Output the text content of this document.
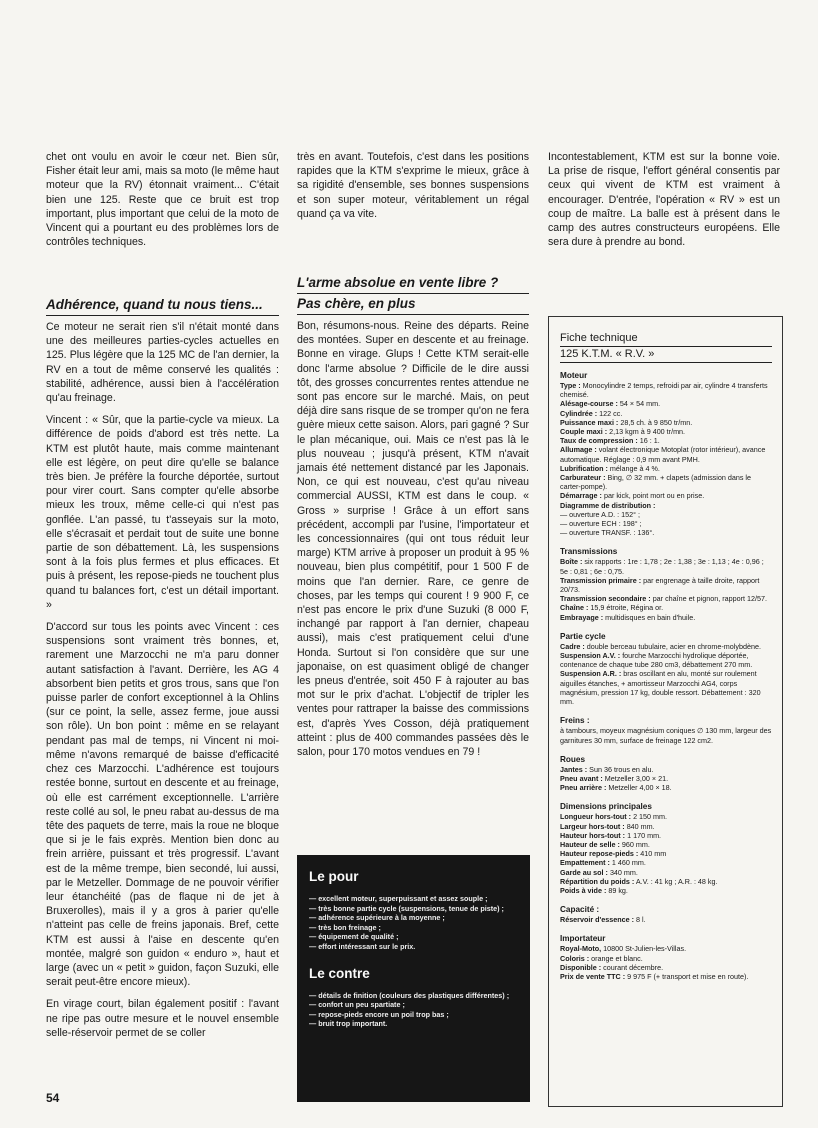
chet ont voulu en avoir le cœur net. Bien sûr, Fisher était leur ami, mais sa moto (le même haut moteur que la RV) étonnait vraiment... C'était bien une 125. Reste que ce bruit est trop important, plus important que celui de la moto de Vincent qui a pourtant eu des problèmes lors de contrôles techniques.

Adhérence, quand tu nous tiens...

Ce moteur ne serait rien s'il n'était monté dans une des meilleures parties-cycles actuelles en 125. Plus légère que la 125 MC de l'an dernier, la RV en a tout de même conservé les qualités : stabilité, adhérence, aussi bien à l'accélération qu'au freinage.

Vincent : « Sûr, que la partie-cycle va mieux. La différence de poids d'abord est très nette. La KTM est plutôt haute, mais comme maintenant elle est légère, on peut dire qu'elle se balance très bien. Je préfère la fourche déportée, surtout pour virer court. Sans compter qu'elle absorbe mieux les troux, même celle-ci qui n'est pas gonflée. L'an passé, tu t'asseyais sur la moto, elle s'écrasait et perdait tout de suite une bonne partie de son débattement. Là, les suspensions sont à la fois plus fermes et plus efficaces. Et puis à présent, les repose-pieds ne touchent plus quand tu balances fort, c'est un détail important. »

D'accord sur tous les points avec Vincent : ces suspensions sont vraiment très bonnes, et, rarement une Marzocchi ne m'a paru donner autant satisfaction à l'avant. Derrière, les AG 4 absorbent bien petits et gros trous, sans que l'on puisse parler de confort exceptionnel à la Ohlins (sur ce point, la selle, assez ferme, joue aussi son rôle). Un bon point : même en se relayant pendant pas mal de temps, ni Vincent ni moi-même n'avons remarqué de baisse d'efficacité chez ces Marzocchi. L'adhérence est toujours restée bonne, surtout en descente et au freinage, où elle est carrément exceptionnelle. L'arrière reste collé au sol, le pneu rabat au-dessus de ma tête des paquets de terre, mais la roue ne bloque que si je le fais exprès. Mention bien donc au frein arrière, puissant et très progressif. L'avant est de la même trempe, bien secondé, lui aussi, par le Metzeller. Dommage de ne pouvoir vérifier leur étanchéité (pas de flaque ni de jet à Bruxerolles), mais il y a gros à parier qu'elle n'atteint pas celle de freins japonais. Bref, cette KTM est aussi à l'aise en descente qu'en montée, malgré son guidon « enduro », haut et large (avec un « petit » guidon, façon Suzuki, elle serait peut-être encore mieux).

En virage court, bilan également positif : l'avant ne ripe pas outre mesure et le nouvel ensemble selle-réservoir permet de se coller

très en avant. Toutefois, c'est dans les positions rapides que la KTM s'exprime le mieux, grâce à sa rigidité d'ensemble, ses bonnes suspensions et son super moteur, véritablement un régal quand ça va vite.

L'arme absolue en vente libre ?
Pas chère, en plus

Bon, résumons-nous. Reine des départs. Reine des montées. Super en descente et au freinage. Bonne en virage. Glups ! Cette KTM serait-elle donc l'arme absolue ? Difficile de le dire aussi tôt, des grosses concurrentes rentes attendue ne sont pas encore sur le marché. Mais, on peut déjà dire sans risque de se tromper qu'on ne fera guère mieux cette saison. Alors, pari gagné ? Sur le plan mécanique, oui. Mais ce n'est pas là le plus nouveau ; jusqu'à présent, KTM n'avait jamais été nettement distancé par les Japonais. Non, ce qui est nouveau, c'est qu'au niveau commercial AUSSI, KTM est dans le coup. « Gross » surprise ! Grâce à un effort sans précédent, accompli par l'usine, l'importateur et les concessionnaires (qui ont tous réduit leur marge) KTM arrive à proposer un produit à 95 % nouveau, bien plus compétitif, pour 1 500 F de moins que l'an dernier. Rare, ce genre de choses, par les temps qui courent ! 9 900 F, ce n'est pas encore le prix d'une Suzuki (8 000 F, inchangé par rapport à l'an dernier, chapeau aussi), mais c'est pratiquement celui d'une Honda. Surtout si l'on considère que sur une japonaise, on est quasiment obligé de changer les pneus d'entrée, soit 450 F à rajouter au bas mot sur le prix d'achat. L'objectif de tripler les ventes pour rattraper la baisse des commissions est, d'après Yves Cosson, déjà pratiquement atteint : plus de 400 commandes passées dès le salon, pour 170 motos vendues en 79 !

Le pour
— excellent moteur, superpuissant et assez souple ;
— très bonne partie cycle (suspensions, tenue de piste) ;
— adhérence supérieure à la moyenne ;
— très bon freinage ;
— équipement de qualité ;
— effort intéressant sur le prix.
Le contre
— détails de finition (couleurs des plastiques différentes) ;
— confort un peu spartiate ;
— repose-pieds encore un poil trop bas ;
— bruit trop important.

Incontestablement, KTM est sur la bonne voie. La prise de risque, l'effort général consentis par ceux qui vivent de KTM est vraiment à encourager. D'entrée, l'opération « RV » est un coup de maître. La balle est à présent dans le camp des autres constructeurs européens. Elle sera dure à prendre au bond.

Fiche technique
125 K.T.M. « R.V. »
Moteur
Type : Monocylindre 2 temps, refroidi par air, cylindre 4 transferts chemisé.
Alésage-course : 54 × 54 mm.
Cylindrée : 122 cc.
Puissance maxi : 28,5 ch. à 9 850 tr/mn.
Couple maxi : 2,13 kgm à 9 400 tr/mn.
Taux de compression : 16 : 1.
Allumage : volant électronique Motoplat (rotor intérieur), avance automatique. Réglage : 0,9 mm avant PMH.
Lubrification : mélange à 4 %.
Carburateur : Bing, ∅ 32 mm. + clapets (admission dans le carter-pompe).
Démarrage : par kick, point mort ou en prise.
Diagramme de distribution :
— ouverture A.D. : 152° ;
— ouverture ECH : 198° ;
— ouverture TRANSF. : 136°.
Transmissions
Boîte : six rapports : 1re : 1,78 ; 2e : 1,38 ; 3e : 1,13 ; 4e : 0,96 ; 5e : 0,81 ; 6e : 0,75.
Transmission primaire : par engrenage à taille droite, rapport 20/73.
Transmission secondaire : par chaîne et pignon, rapport 12/57.
Chaîne : 15,9 étroite, Régina or.
Embrayage : multidisques en bain d'huile.
Partie cycle
Cadre : double berceau tubulaire, acier en chrome-molybdène.
Suspension A.V. : fourche Marzocchi hydrolique déportée, contenance de chaque tube 280 cm3, débattement 270 mm.
Suspension A.R. : bras oscillant en alu, monté sur roulement aiguilles étanches, + amortisseur Marzocchi AG4, corps magnésium, pression 17 kg, double ressort. Débattement : 320 mm.
Freins :
à tambours, moyeux magnésium coniques ∅ 130 mm, largeur des garnitures 30 mm, surface de freinage 122 cm2.
Roues
Jantes : Sun 36 trous en alu.
Pneu avant : Metzeller 3,00 × 21.
Pneu arrière : Metzeller 4,00 × 18.
Dimensions principales
Longueur hors-tout : 2 150 mm.
Largeur hors-tout : 840 mm.
Hauteur hors-tout : 1 170 mm.
Hauteur de selle : 960 mm.
Hauteur repose-pieds : 410 mm
Empattement : 1 460 mm.
Garde au sol : 340 mm.
Répartition du poids : A.V. : 41 kg ; A.R. : 48 kg.
Poids à vide : 89 kg.
Capacité :
Réservoir d'essence : 8 l.
Importateur
Royal-Moto, 10800 St-Julien-les-Villas.
Coloris : orange et blanc.
Disponible : courant décembre.
Prix de vente TTC : 9 975 F (+ transport et mise en route).
54
